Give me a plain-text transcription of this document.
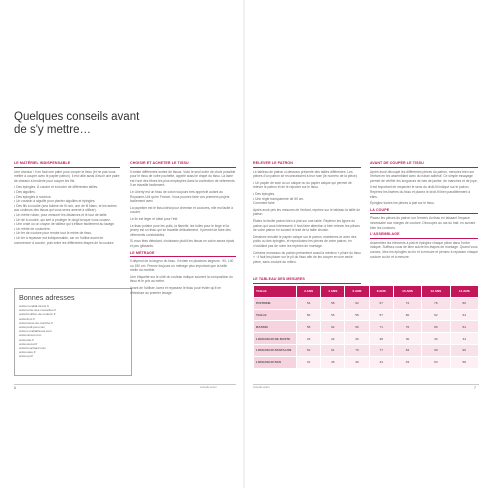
Quelques conseils avant de s'y mettre…
LE MATÉRIEL INDISPENSABLE
Une ciseaux ! Il en faut une paire pour couper le tissu (et ne pas vous mettre à couper avec le papier patron). Il est utile aussi d'avoir une paire de ciseaux à broderie pour couper les fils.
• Des épingles. À coudre et à broder de différentes tailles.
• Des aiguilles.
• Des épingles à nourrice.
• Un coussin à aiguille pour planter aiguilles et épingles.
• Des fils à coudre (sea bobine de fil noir, une de fil blanc, et les autres aux couleurs des tissus qui vous serez amené à utiliser).
• Un mètre ruban, pour mesurer les distances et le tour de taille.
• Un dé à coudre, qui sert à protéger le doigt lorsque vous cousez.
• Une craie ou un crayon de tailleur qui s'efface facilement au lavage.
• Un mètre de couturière.
• Un fer de couture pour rendre tout le mètre de tissu.
• Un fer à repasser est indispensable, car on l'utilise avant de commencer à coudre, puis entre les différentes étapes de la couture.
Bonnes adresses
www.mondial-tissus.fr
www.reine-des-cousettes.fr
www.bouillon-de-couture.fr
www.dmc.fr
www.tissus-du-marché.fr
www.petit-pan.com
www.mondialtissus.com
www.rascol.com
www.elle.fr
www.rascol.fr
www.bouchard.com
www.saxe.fr
www.epi.fr
CHOISIR ET ACHETER LE TISSU
Il existe différentes sortes de tissus. Voici le seul ordre de choix possible pour le tissu de votre pochette, appelé aussi le drapé du tissu. La laine est l'une des fibres les plus employées dans la confection de vêtements. Il se travaille facilement.
Le Liberty est un tissu de coton toujours très apprécié autant au Royaume-Uni qu'en France. Vous pourrez faire vos premiers projets facilement avec.
La popeline est le tissu idéal pour chemise et coutures, elle est facile à coudre.
Le lin est léger et idéal pour l'été.
Le tissu polaire pour les pulls, la flanelle, les toiles pour le linge et la jersey est un tissu qui se travaille délicatement. Il permet de faire des vêtements confortables.
Si vous êtes débutant, choisissez plutôt les tissus en coton assez épais et peu glissants.
LE MÉTRAGE
Il dépend de la largeur du tissu. Il existe en plusieurs largeurs : 90, 140 ou 150 cm. Prenez toujours un métrage plus important que la taille réelle du modèle.
Une étiquette sur le côté du rouleau indique souvent la composition du tissu et le prix au mètre.
Avant de l'utiliser, lavez et repassez le tissu pour éviter qu'il ne rétrécisse au premier lavage.
RELEVER LE PATRON
Le tableau de patron ci-dessous présente des tailles différentes. Les pièces d'un patron se reconnaissent à leur nom (le numéro de la pièce).
• Un papier de soie ou un calque ou du papier calque qui permet de relever le patron et de le reporter sur le tissu.
• Des épingles.
• Une règle transparente de 50 cm.
Comment faire
Après avoir pris les mesures de l'enfant, repérez sur le tableau la taille de patron.
Étalez la feuille patron bien à plat sur une table. Repérez les lignes du patron qui vous intéressent. Il faut faire attention à bien relever les pièces de votre patron en suivant le trait de la taille choisie.
Dessinez ensuite le papier calque sur le patron, maintenez-le avec des poids ou des épingles, et reproduisez les pièces de votre patron, en n'oubliant pas de noter les repères de montage.
Certains morceaux du patron présentent aussi la mention « pliure du tissu » : il faut les placer sur le pli du tissu afin de les couper en une seule pièce, sans couture au milieu.
LE TABLEAU DES MESURES
AVANT DE COUPER LE TISSU
Après avoir découpé les différentes pièces du patron, mesurez bien sur l'enfant en les assemblant avec du ruban adhésif. Ce simple essayage permet de vérifier les longueurs de bas de jambe, de manches et de jupe.
Il est important de respecter le sens du droit-fil indiqué sur le patron. Repérez les lisières du tissu et placez le droit-fil bien parallèlement à elles.
Épinglez toutes les pièces à plat sur le tissu.
LA COUPE
Placez les pièces du patron sur l'envers du tissu en laissant l'espace nécessaire aux marges de couture. Découpez au ras du trait, en suivant bien les contours.
L'ASSEMBLAGE
Assemblez les éléments à plat et épinglez chaque pièce dans l'ordre indiqué. Suffisez-vous de bien suivre les étapes de montage. Quand vous cousez, ôtez les épingles au fur et à mesure et pensez à repasser chaque couture au fur et à mesure.
TAILLE	2 ANS	4 ANS	6 ANS	8 ANS	10 ANS	12 ANS	14 ANS
POITRINE	54	58	62	67	72	76	80
TAILLE	50	53	55	57	60	62	64
BASSIN	58	62	66	71	76	80	84
LONGUEUR DE BUSTE	23	24	26	28	30	32	34
LONGUEUR PANTALON	52	61	70	77	84	90	96
LONGUEUR BAS	31	35	40	44	49	53	58
6	7
conseils avant	conseils avant
